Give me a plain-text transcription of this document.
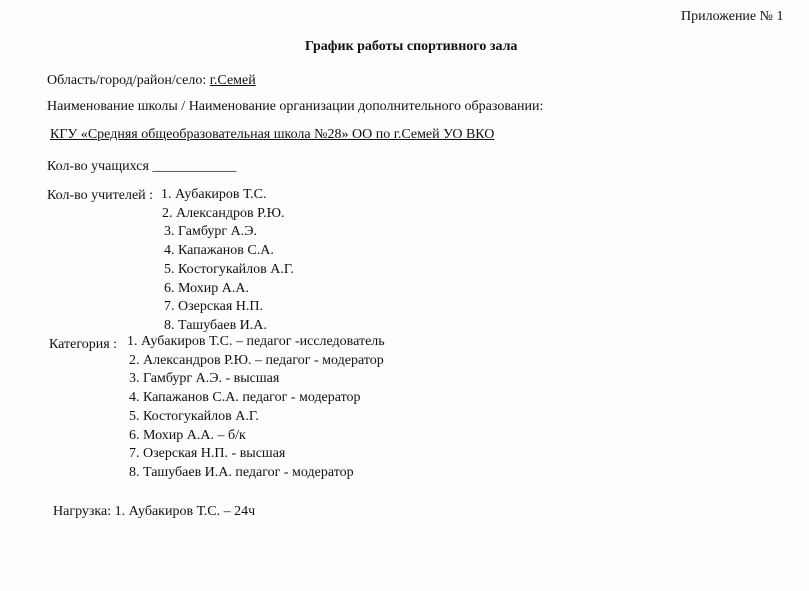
Приложение № 1
График работы спортивного зала
Область/город/район/село: г.Семей
Наименование школы / Наименование организации дополнительного образовании:
КГУ «Средняя общеобразовательная школа №28» ОО по г.Семей УО ВКО
Кол-во учащихся ____________
Кол-во учителей : 1. Аубакиров Т.С.
2. Александров Р.Ю.
3. Гамбург А.Э.
4. Капажанов С.А.
5. Костогукайлов А.Г.
6. Мохир А.А.
7. Озерская Н.П.
8. Ташубаев И.А.
Категория : 1. Аубакиров Т.С. – педагог -исследователь
2. Александров Р.Ю. – педагог - модератор
3. Гамбург А.Э. - высшая
4. Капажанов С.А. педагог - модератор
5. Костогукайлов А.Г.
6. Мохир А.А. – б/к
7. Озерская Н.П. - высшая
8. Ташубаев И.А. педагог - модератор
Нагрузка: 1. Аубакиров Т.С. – 24ч
